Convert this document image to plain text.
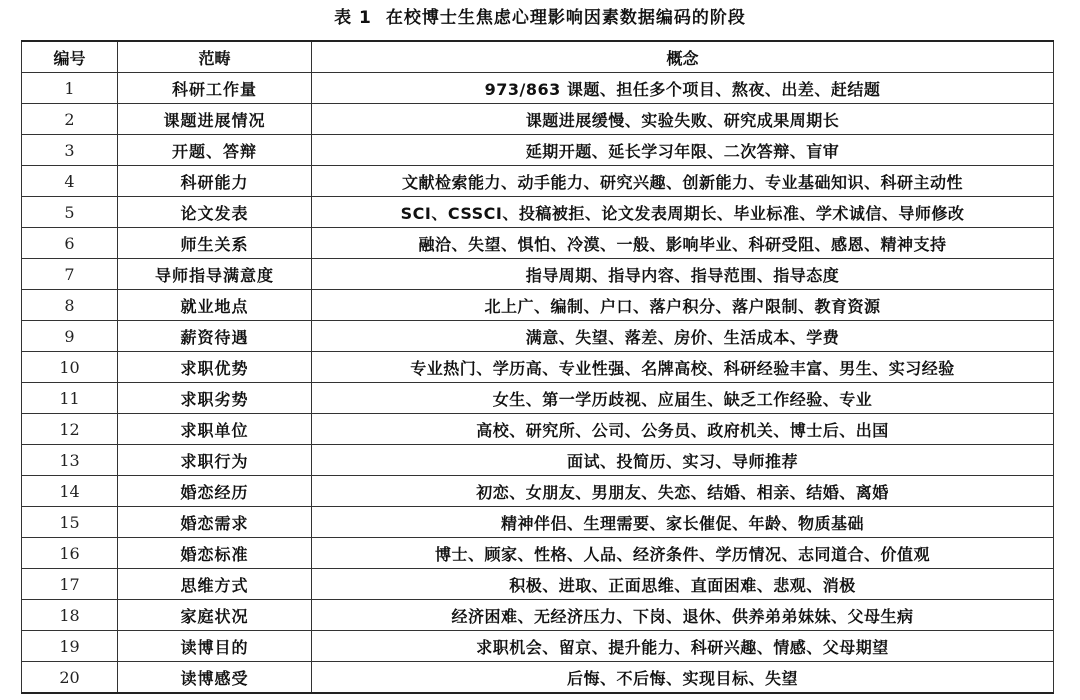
表 1 在校博士生焦虑心理影响因素数据编码的阶段
编号	范畴	概念
1	科研工作量	973/863 课题、担任多个项目、熬夜、出差、赶结题
2	课题进展情况	课题进展缓慢、实验失败、研究成果周期长
3	开题、答辩	延期开题、延长学习年限、二次答辩、盲审
4	科研能力	文献检索能力、动手能力、研究兴趣、创新能力、专业基础知识、科研主动性
5	论文发表	SCI、CSSCI、投稿被拒、论文发表周期长、毕业标准、学术诚信、导师修改
6	师生关系	融洽、失望、惧怕、冷漠、一般、影响毕业、科研受阻、感恩、精神支持
7	导师指导满意度	指导周期、指导内容、指导范围、指导态度
8	就业地点	北上广、编制、户口、落户积分、落户限制、教育资源
9	薪资待遇	满意、失望、落差、房价、生活成本、学费
10	求职优势	专业热门、学历高、专业性强、名牌高校、科研经验丰富、男生、实习经验
11	求职劣势	女生、第一学历歧视、应届生、缺乏工作经验、专业
12	求职单位	高校、研究所、公司、公务员、政府机关、博士后、出国
13	求职行为	面试、投简历、实习、导师推荐
14	婚恋经历	初恋、女朋友、男朋友、失恋、结婚、相亲、结婚、离婚
15	婚恋需求	精神伴侣、生理需要、家长催促、年龄、物质基础
16	婚恋标准	博士、顾家、性格、人品、经济条件、学历情况、志同道合、价值观
17	思维方式	积极、进取、正面思维、直面困难、悲观、消极
18	家庭状况	经济困难、无经济压力、下岗、退休、供养弟弟妹妹、父母生病
19	读博目的	求职机会、留京、提升能力、科研兴趣、情感、父母期望
20	读博感受	后悔、不后悔、实现目标、失望
